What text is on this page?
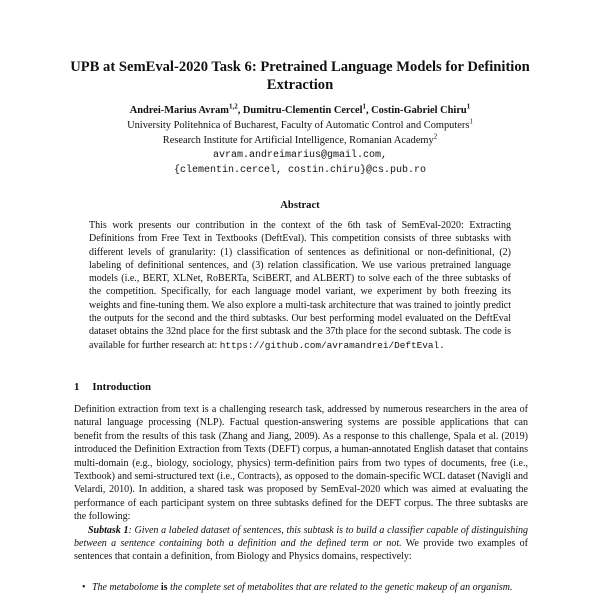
UPB at SemEval-2020 Task 6: Pretrained Language Models for Definition Extraction
Andrei-Marius Avram$^{1,2}$, Dumitru-Clementin Cercel$^1$, Costin-Gabriel Chiru$^1$
University Politehnica of Bucharest, Faculty of Automatic Control and Computers$^1$
Research Institute for Artificial Intelligence, Romanian Academy$^2$
avram.andreimarius@gmail.com,
{clementin.cercel, costin.chiru}@cs.pub.ro
Abstract
This work presents our contribution in the context of the 6th task of SemEval-2020: Extracting Definitions from Free Text in Textbooks (DeftEval). This competition consists of three subtasks with different levels of granularity: (1) classification of sentences as definitional or non-definitional, (2) labeling of definitional sentences, and (3) relation classification. We use various pretrained language models (i.e., BERT, XLNet, RoBERTa, SciBERT, and ALBERT) to solve each of the three subtasks of the competition. Specifically, for each language model variant, we experiment by both freezing its weights and fine-tuning them. We also explore a multi-task architecture that was trained to jointly predict the outputs for the second and the third subtasks. Our best performing model evaluated on the DeftEval dataset obtains the 32nd place for the first subtask and the 37th place for the second subtask. The code is available for further research at: https://github.com/avramandrei/DeftEval.
1 Introduction

Definition extraction from text is a challenging research task, addressed by numerous researchers in the area of natural language processing (NLP). Factual question-answering systems are possible applications that can benefit from the results of this task (Zhang and Jiang, 2009). As a response to this challenge, Spala et al. (2019) introduced the Definition Extraction from Texts (DEFT) corpus, a human-annotated English dataset that contains multi-domain (e.g., biology, sociology, physics) term-definition pairs from two types of documents, free (i.e., Textbook) and semi-structured text (i.e., Contracts), as opposed to the domain-specific WCL dataset (Navigli and Velardi, 2010). In addition, a shared task was proposed by SemEval-2020 which was aimed at evaluating the performance of each participant system on three subtasks defined for the DEFT corpus. The three subtasks are the following:

Subtask 1: Given a labeled dataset of sentences, this subtask is to build a classifier capable of distinguishing between a sentence containing both a definition and the defined term or not. We provide two examples of sentences that contain a definition, from Biology and Physics domains, respectively:

• The metabolome is the complete set of metabolites that are related to the genetic makeup of an organism.
